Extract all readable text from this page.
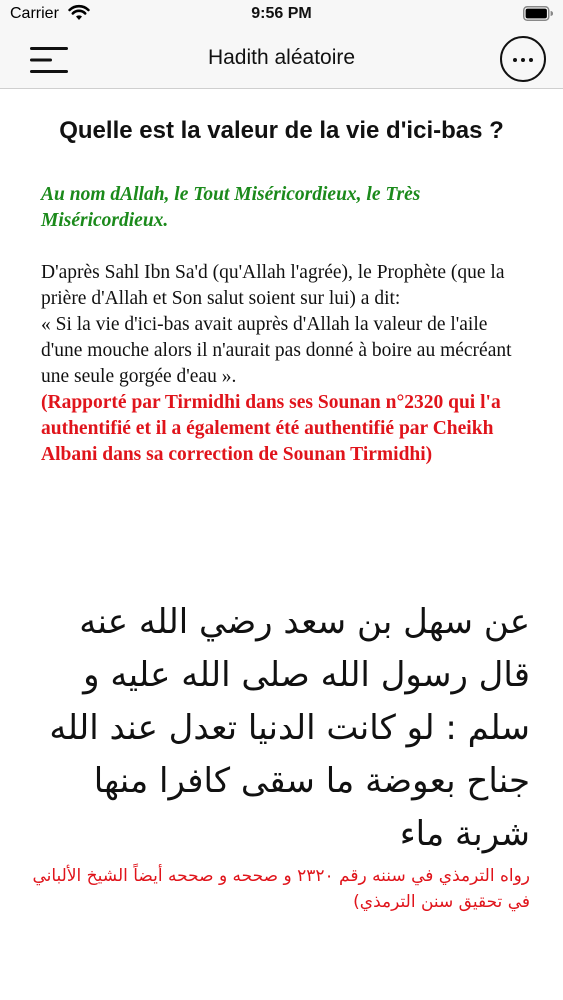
Carrier	9:56 PM
Hadith aléatoire
Quelle est la valeur de la vie d'ici-bas ?

Au nom dAllah, le Tout Miséricordieux, le Très Miséricordieux.

D'après Sahl Ibn Sa'd (qu'Allah l'agrée), le Prophète (que la prière d'Allah et Son salut soient sur lui) a dit:
« Si la vie d'ici-bas avait auprès d'Allah la valeur de l'aile d'une mouche alors il n'aurait pas donné à boire au mécréant une seule gorgée d'eau ».

(Rapporté par Tirmidhi dans ses Sounan n°2320 qui l'a authentifié et il a également été authentifié par Cheikh Albani dans sa correction de Sounan Tirmidhi)

عن سهل بن سعد رضي الله عنه قال رسول الله صلى الله عليه و سلم : لو كانت الدنيا تعدل عند الله جناح بعوضة ما سقى كافرا منها شربة ماء

رواه الترمذي في سننه رقم ٢٣٢٠ و صححه و صححه أيضاً الشيخ الألباني في تحقيق سنن الترمذي)
